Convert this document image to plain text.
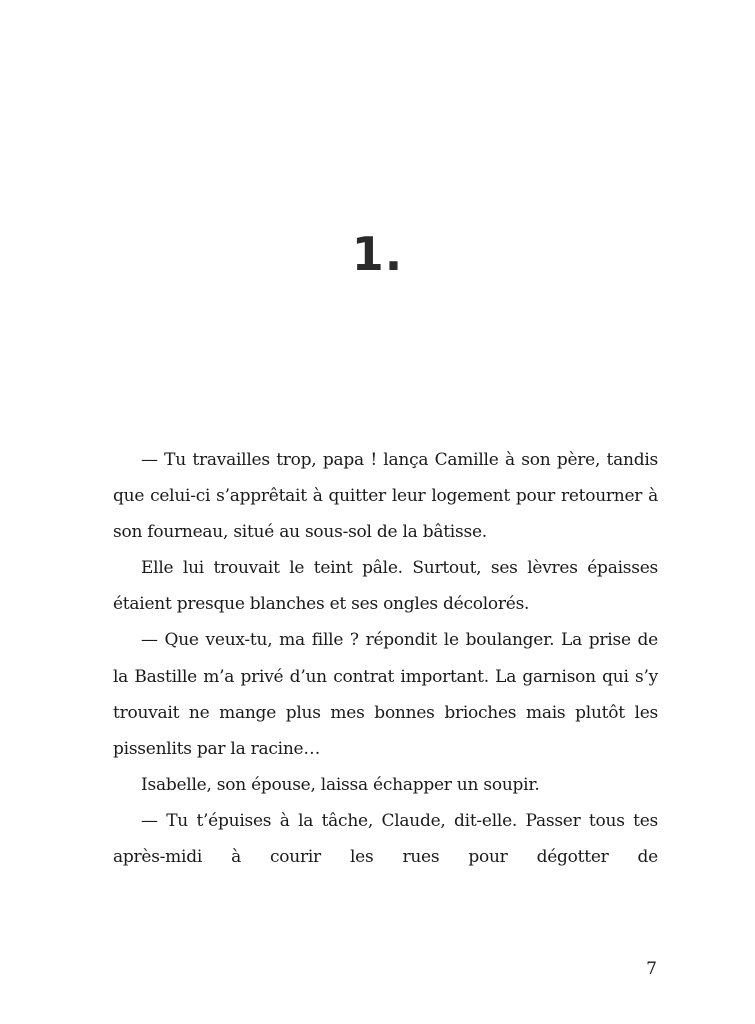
1.

— Tu travailles trop, papa ! lança Camille à son père, tandis que celui-ci s’apprêtait à quitter leur logement pour retourner à son fourneau, situé au sous-sol de la bâtisse.

Elle lui trouvait le teint pâle. Surtout, ses lèvres épaisses étaient presque blanches et ses ongles décolorés.

— Que veux-tu, ma fille ? répondit le boulanger. La prise de la Bastille m’a privé d’un contrat important. La garnison qui s’y trouvait ne mange plus mes bonnes brioches mais plutôt les pissenlits par la racine…

Isabelle, son épouse, laissa échapper un soupir.

— Tu t’épuises à la tâche, Claude, dit-elle. Passer tous tes après-midi à courir les rues pour dégotter de

7
